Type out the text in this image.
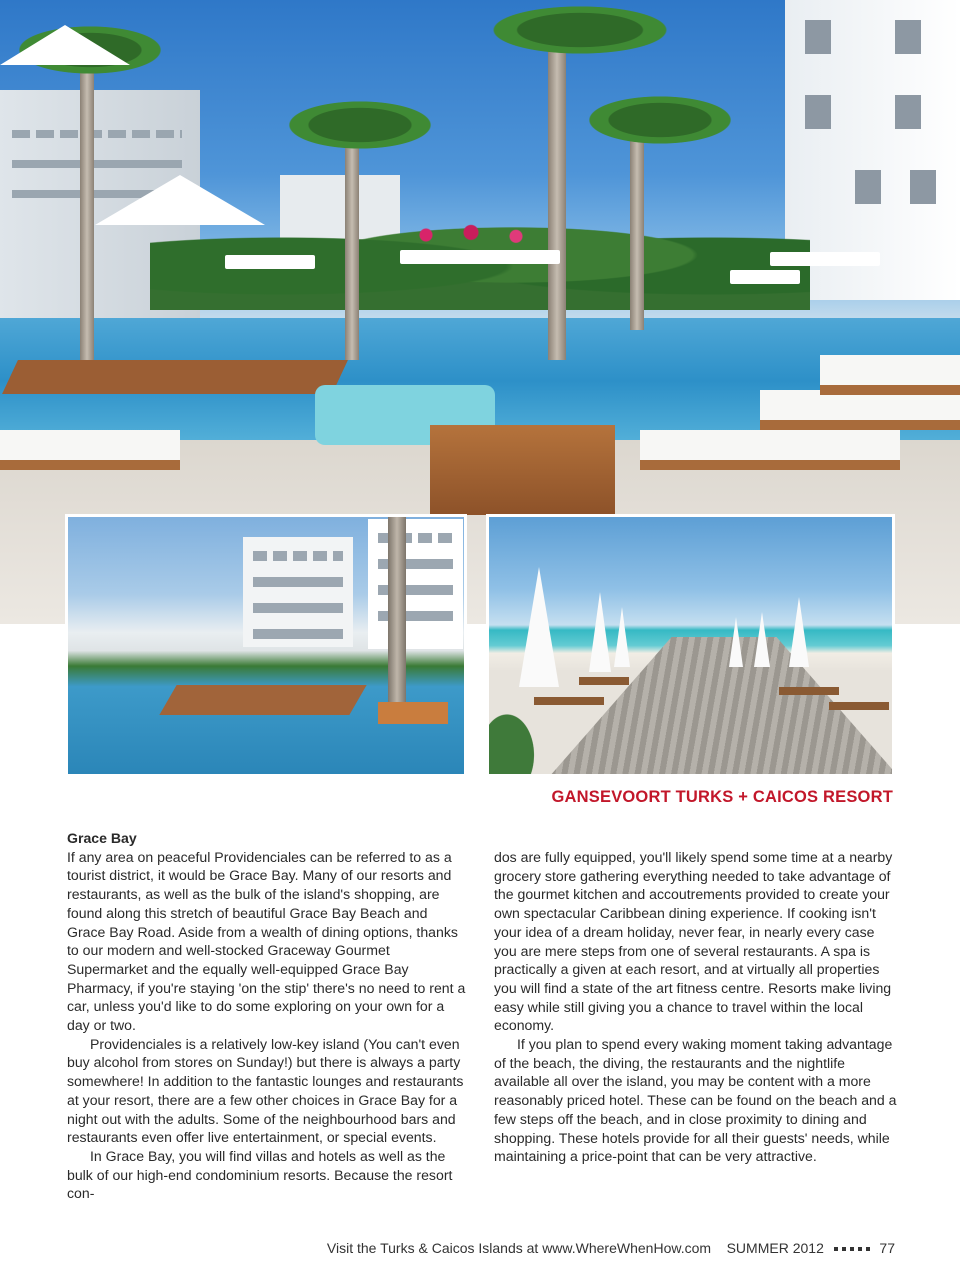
GANSEVOORT TURKS + CAICOS RESORT

Grace Bay

If any area on peaceful Providenciales can be referred to as a tourist district, it would be Grace Bay. Many of our resorts and restaurants, as well as the bulk of the island's shopping, are found along this stretch of beautiful Grace Bay Beach and Grace Bay Road. Aside from a wealth of dining options, thanks to our modern and well-stocked Graceway Gourmet Supermarket and the equally well-equipped Grace Bay Pharmacy, if you're staying 'on the stip' there's no need to rent a car, unless you'd like to do some exploring on your own for a day or two.

Providenciales is a relatively low-key island (You can't even buy alcohol from stores on Sunday!) but there is always a party somewhere! In addition to the fantastic lounges and restaurants at your resort, there are a few other choices in Grace Bay for a night out with the adults. Some of the neighbourhood bars and restaurants even offer live entertainment, or special events.

In Grace Bay, you will find villas and hotels as well as the bulk of our high-end condominium resorts. Because the resort con-

dos are fully equipped, you'll likely spend some time at a nearby grocery store gathering everything needed to take advantage of the gourmet kitchen and accoutrements provided to create your own spectacular Caribbean dining experience. If cooking isn't your idea of a dream holiday, never fear, in nearly every case you are mere steps from one of several restaurants. A spa is practically a given at each resort, and at virtually all properties you will find a state of the art fitness centre. Resorts make living easy while still giving you a chance to travel within the local economy.

If you plan to spend every waking moment taking advantage of the beach, the diving, the restaurants and the nightlife available all over the island, you may be content with a more reasonably priced hotel. These can be found on the beach and a few steps off the beach, and in close proximity to dining and shopping. These hotels provide for all their guests' needs, while maintaining a price-point that can be very attractive.

Visit the Turks & Caicos Islands at www.WhereWhenHow.com SUMMER 2012	77
